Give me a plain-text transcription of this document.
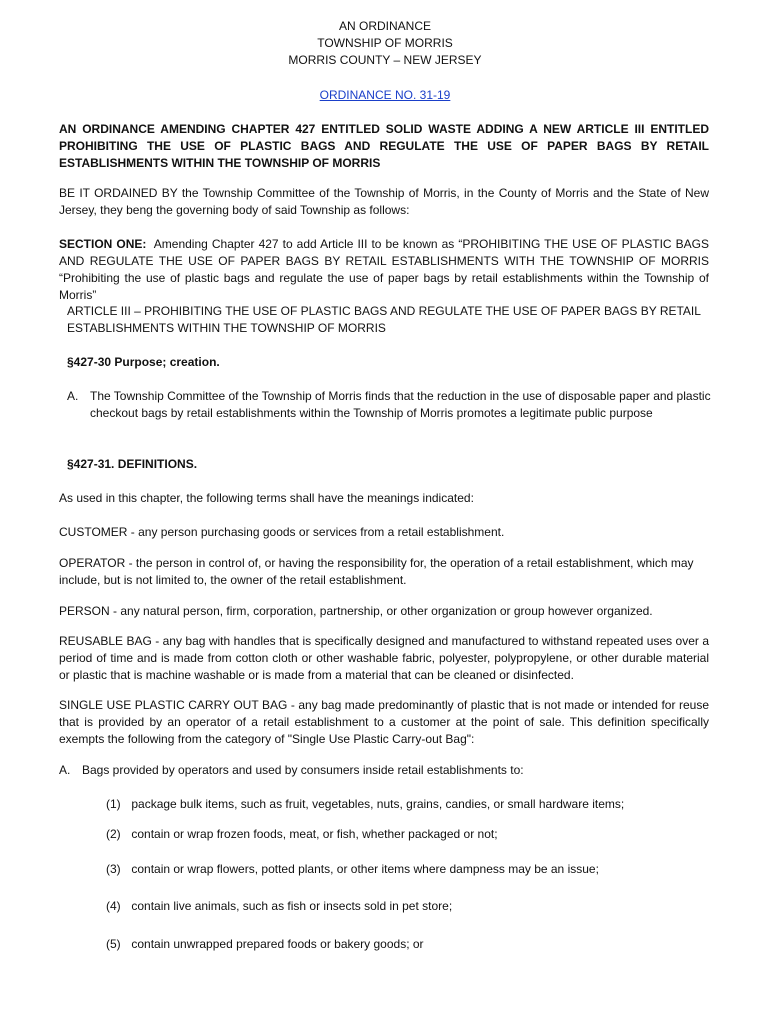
AN ORDINANCE
TOWNSHIP OF MORRIS
MORRIS COUNTY – NEW JERSEY
ORDINANCE NO. 31-19
AN ORDINANCE AMENDING CHAPTER 427 ENTITLED SOLID WASTE ADDING A NEW ARTICLE III ENTITLED PROHIBITING THE USE OF PLASTIC BAGS AND REGULATE THE USE OF PAPER BAGS BY RETAIL ESTABLISHMENTS WITHIN THE TOWNSHIP OF MORRIS
BE IT ORDAINED BY the Township Committee of the Township of Morris, in the County of Morris and the State of New Jersey, they beng the governing body of said Township as follows:
SECTION ONE: Amending Chapter 427 to add Article III to be known as “PROHIBITING THE USE OF PLASTIC BAGS AND REGULATE THE USE OF PAPER BAGS BY RETAIL ESTABLISHMENTS WITH THE TOWNSHIP OF MORRIS “Prohibiting the use of plastic bags and regulate the use of paper bags by retail establishments within the Township of Morris”
ARTICLE III – PROHIBITING THE USE OF PLASTIC BAGS AND REGULATE THE USE OF PAPER BAGS BY RETAIL ESTABLISHMENTS WITHIN THE TOWNSHIP OF MORRIS
§427-30 Purpose; creation.
A. The Township Committee of the Township of Morris finds that the reduction in the use of disposable paper and plastic checkout bags by retail establishments within the Township of Morris promotes a legitimate public purpose
§427-31. DEFINITIONS.
As used in this chapter, the following terms shall have the meanings indicated:
CUSTOMER - any person purchasing goods or services from a retail establishment.
OPERATOR - the person in control of, or having the responsibility for, the operation of a retail establishment, which may include, but is not limited to, the owner of the retail establishment.
PERSON - any natural person, firm, corporation, partnership, or other organization or group however organized.
REUSABLE BAG - any bag with handles that is specifically designed and manufactured to withstand repeated uses over a period of time and is made from cotton cloth or other washable fabric, polyester, polypropylene, or other durable material or plastic that is machine washable or is made from a material that can be cleaned or disinfected.
SINGLE USE PLASTIC CARRY OUT BAG - any bag made predominantly of plastic that is not made or intended for reuse that is provided by an operator of a retail establishment to a customer at the point of sale. This definition specifically exempts the following from the category of "Single Use Plastic Carry-out Bag":
A. Bags provided by operators and used by consumers inside retail establishments to:
(1) package bulk items, such as fruit, vegetables, nuts, grains, candies, or small hardware items;
(2) contain or wrap frozen foods, meat, or fish, whether packaged or not;
(3) contain or wrap flowers, potted plants, or other items where dampness may be an issue;
(4) contain live animals, such as fish or insects sold in pet store;
(5) contain unwrapped prepared foods or bakery goods; or
